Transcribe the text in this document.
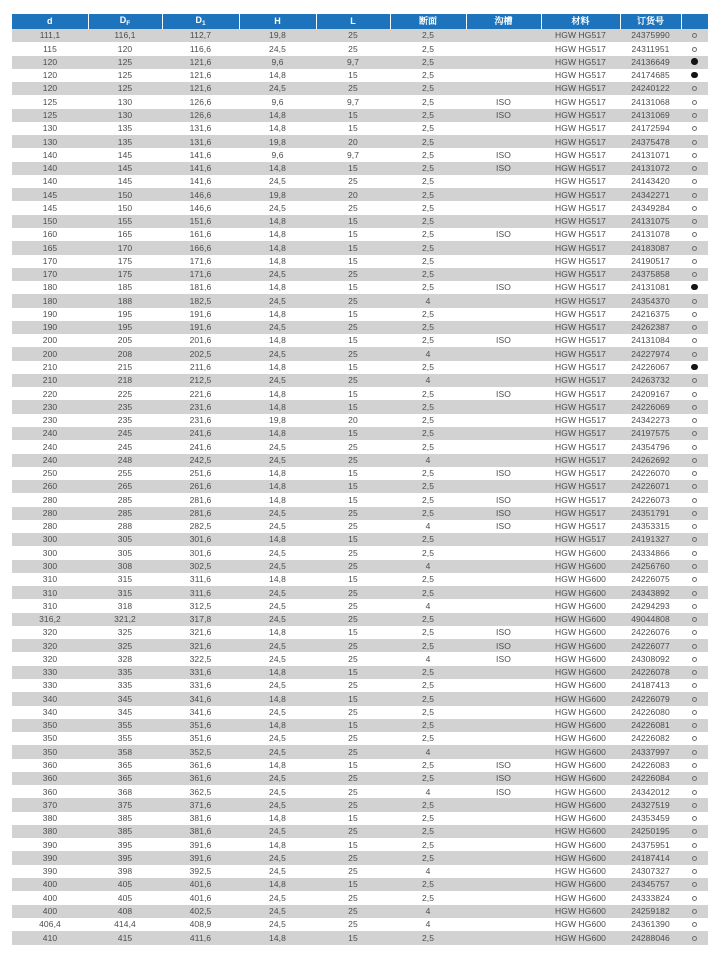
d	$D_F$	$D_1$	H	L	断面	沟槽	材料	订货号	
111,1	116,1	112,7	19,8	25	2,5		HGW HG517	24375990	
115	120	116,6	24,5	25	2,5		HGW HG517	24311951	
120	125	121,6	9,6	9,7	2,5		HGW HG517	24136649	
120	125	121,6	14,8	15	2,5		HGW HG517	24174685	
120	125	121,6	24,5	25	2,5		HGW HG517	24240122	
125	130	126,6	9,6	9,7	2,5	ISO	HGW HG517	24131068	
125	130	126,6	14,8	15	2,5	ISO	HGW HG517	24131069	
130	135	131,6	14,8	15	2,5		HGW HG517	24172594	
130	135	131,6	19,8	20	2,5		HGW HG517	24375478	
140	145	141,6	9,6	9,7	2,5	ISO	HGW HG517	24131071	
140	145	141,6	14,8	15	2,5	ISO	HGW HG517	24131072	
140	145	141,6	24,5	25	2,5		HGW HG517	24143420	
145	150	146,6	19,8	20	2,5		HGW HG517	24342271	
145	150	146,6	24,5	25	2,5		HGW HG517	24349284	
150	155	151,6	14,8	15	2,5		HGW HG517	24131075	
160	165	161,6	14,8	15	2,5	ISO	HGW HG517	24131078	
165	170	166,6	14,8	15	2,5		HGW HG517	24183087	
170	175	171,6	14,8	15	2,5		HGW HG517	24190517	
170	175	171,6	24,5	25	2,5		HGW HG517	24375858	
180	185	181,6	14,8	15	2,5	ISO	HGW HG517	24131081	
180	188	182,5	24,5	25	4		HGW HG517	24354370	
190	195	191,6	14,8	15	2,5		HGW HG517	24216375	
190	195	191,6	24,5	25	2,5		HGW HG517	24262387	
200	205	201,6	14,8	15	2,5	ISO	HGW HG517	24131084	
200	208	202,5	24,5	25	4		HGW HG517	24227974	
210	215	211,6	14,8	15	2,5		HGW HG517	24226067	
210	218	212,5	24,5	25	4		HGW HG517	24263732	
220	225	221,6	14,8	15	2,5	ISO	HGW HG517	24209167	
230	235	231,6	14,8	15	2,5		HGW HG517	24226069	
230	235	231,6	19,8	20	2,5		HGW HG517	24342273	
240	245	241,6	14,8	15	2,5		HGW HG517	24197575	
240	245	241,6	24,5	25	2,5		HGW HG517	24354796	
240	248	242,5	24,5	25	4		HGW HG517	24262692	
250	255	251,6	14,8	15	2,5	ISO	HGW HG517	24226070	
260	265	261,6	14,8	15	2,5		HGW HG517	24226071	
280	285	281,6	14,8	15	2,5	ISO	HGW HG517	24226073	
280	285	281,6	24,5	25	2,5	ISO	HGW HG517	24351791	
280	288	282,5	24,5	25	4	ISO	HGW HG517	24353315	
300	305	301,6	14,8	15	2,5		HGW HG517	24191327	
300	305	301,6	24,5	25	2,5		HGW HG600	24334866	
300	308	302,5	24,5	25	4		HGW HG600	24256760	
310	315	311,6	14,8	15	2,5		HGW HG600	24226075	
310	315	311,6	24,5	25	2,5		HGW HG600	24343892	
310	318	312,5	24,5	25	4		HGW HG600	24294293	
316,2	321,2	317,8	24,5	25	2,5		HGW HG600	49044808	
320	325	321,6	14,8	15	2,5	ISO	HGW HG600	24226076	
320	325	321,6	24,5	25	2,5	ISO	HGW HG600	24226077	
320	328	322,5	24,5	25	4	ISO	HGW HG600	24308092	
330	335	331,6	14,8	15	2,5		HGW HG600	24226078	
330	335	331,6	24,5	25	2,5		HGW HG600	24187413	
340	345	341,6	14,8	15	2,5		HGW HG600	24226079	
340	345	341,6	24,5	25	2,5		HGW HG600	24226080	
350	355	351,6	14,8	15	2,5		HGW HG600	24226081	
350	355	351,6	24,5	25	2,5		HGW HG600	24226082	
350	358	352,5	24,5	25	4		HGW HG600	24337997	
360	365	361,6	14,8	15	2,5	ISO	HGW HG600	24226083	
360	365	361,6	24,5	25	2,5	ISO	HGW HG600	24226084	
360	368	362,5	24,5	25	4	ISO	HGW HG600	24342012	
370	375	371,6	24,5	25	2,5		HGW HG600	24327519	
380	385	381,6	14,8	15	2,5		HGW HG600	24353459	
380	385	381,6	24,5	25	2,5		HGW HG600	24250195	
390	395	391,6	14,8	15	2,5		HGW HG600	24375951	
390	395	391,6	24,5	25	2,5		HGW HG600	24187414	
390	398	392,5	24,5	25	4		HGW HG600	24307327	
400	405	401,6	14,8	15	2,5		HGW HG600	24345757	
400	405	401,6	24,5	25	2,5		HGW HG600	24333824	
400	408	402,5	24,5	25	4		HGW HG600	24259182	
406,4	414,4	408,9	24,5	25	4		HGW HG600	24361390	
410	415	411,6	14,8	15	2,5		HGW HG600	24288046	
